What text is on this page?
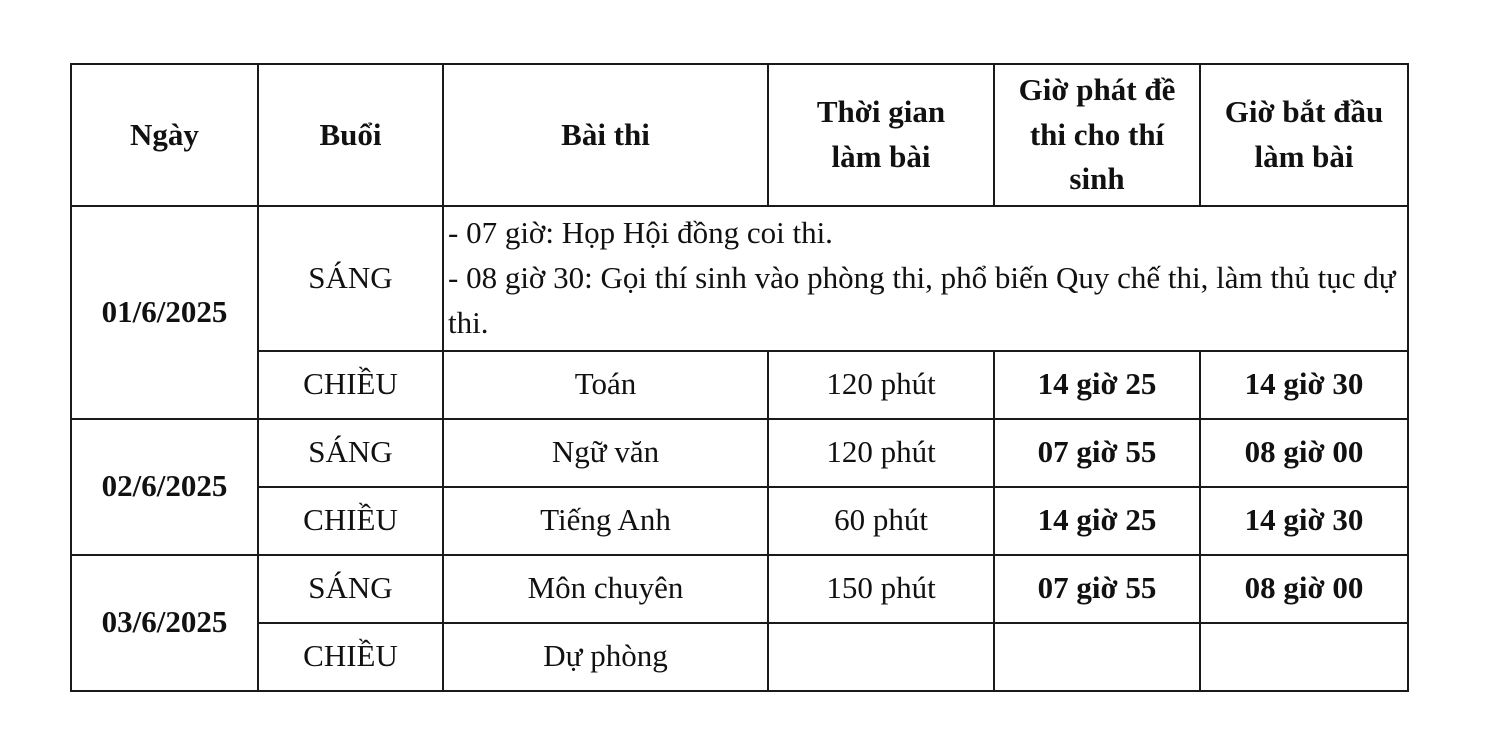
Ngày	Buổi	Bài thi	Thời gian làm bài	Giờ phát đề thi cho thí sinh	Giờ bắt đầu làm bài
01/6/2025	SÁNG	- 07 giờ: Họp Hội đồng coi thi.
- 08 giờ 30: Gọi thí sinh vào phòng thi, phổ biến Quy chế thi, làm thủ tục dự thi.			

	CHIỀU	Toán	120 phút	14 giờ 25	14 giờ 30
02/6/2025	SÁNG	Ngữ văn	120 phút	07 giờ 55	08 giờ 00
	CHIỀU	Tiếng Anh	60 phút	14 giờ 25	14 giờ 30
03/6/2025	SÁNG	Môn chuyên	150 phút	07 giờ 55	08 giờ 00
	CHIỀU	Dự phòng			
